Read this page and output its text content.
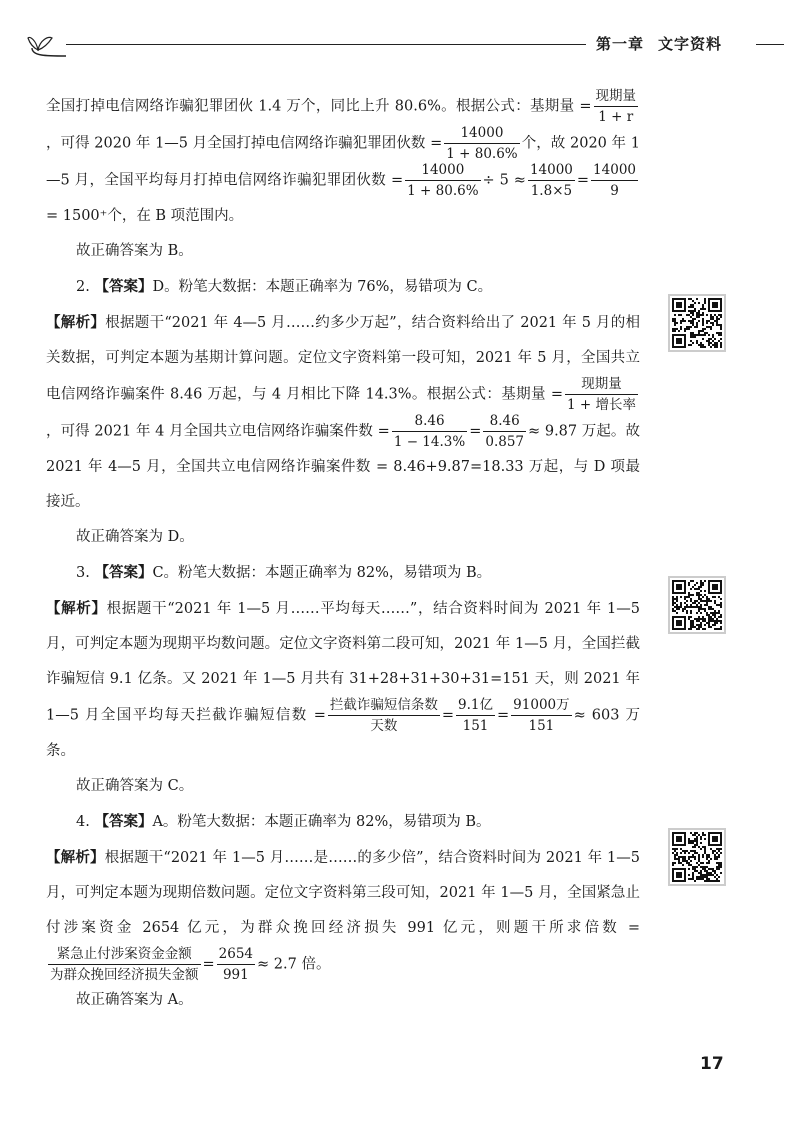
第一章 文字资料

全国打掉电信网络诈骗犯罪团伙 1.4 万个，同比上升 80.6%。根据公式：基期量 = $\frac{\text{现期量}}{1 + r}$
，可得 2020 年 1—5 月全国打掉电信网络诈骗犯罪团伙数 = $\frac{14000}{1 + 80.6\%}$ 个，故 2020 年 1—5 月，全国平均每月打掉电信网络诈骗犯罪团伙数 = $\frac{14000}{1 + 80.6\%} \div 5 \approx \frac{14000}{1.8\times 5} = \frac{14000}{9}$
= 1500⁺个，在 B 项范围内。

故正确答案为 B。

2. 【答案】D。粉笔大数据：本题正确率为 76%，易错项为 C。

【解析】根据题干“2021 年 4—5 月……约多少万起”，结合资料给出了 2021 年 5 月的相关数据，可判定本题为基期计算问题。定位文字资料第一段可知，2021 年 5 月，全国共立电信网络诈骗案件 8.46 万起，与 4 月相比下降 14.3%。根据公式：基期量 = $\frac{\text{现期量}}{\text{1 + 增长率}}$
，可得 2021 年 4 月全国共立电信网络诈骗案件数 = $\frac{8.46}{1 - 14.3\%} = \frac{8.46}{0.857} \approx 9.87$ 万起。故 2021 年 4—5 月，全国共立电信网络诈骗案件数 = 8.46+9.87=18.33 万起，与 D 项最接近。

故正确答案为 D。

3. 【答案】C。粉笔大数据：本题正确率为 82%，易错项为 B。

【解析】根据题干“2021 年 1—5 月……平均每天……”，结合资料时间为 2021 年 1—5 月，可判定本题为现期平均数问题。定位文字资料第二段可知，2021 年 1—5 月，全国拦截诈骗短信 9.1 亿条。又 2021 年 1—5 月共有 31+28+31+30+31=151 天，则 2021 年 1—5 月全国平均每天拦截诈骗短信数 = $\frac{\text{拦截诈骗短信条数}}{\text{天数}} = \frac{\text{9.1亿}}{151} = \frac{\text{91000万}}{151} \approx 603$ 万条。

故正确答案为 C。

4. 【答案】A。粉笔大数据：本题正确率为 82%，易错项为 B。

【解析】根据题干“2021 年 1—5 月……是……的多少倍”，结合资料时间为 2021 年 1—5 月，可判定本题为现期倍数问题。定位文字资料第三段可知，2021 年 1—5 月，全国紧急止付涉案资金 2654 亿元，为群众挽回经济损失 991 亿元，则题干所求倍数 =
$\frac{\text{紧急止付涉案资金金额}}{\text{为群众挽回经济损失金额}} = \frac{2654}{991} \approx 2.7$ 倍。

故正确答案为 A。

17
